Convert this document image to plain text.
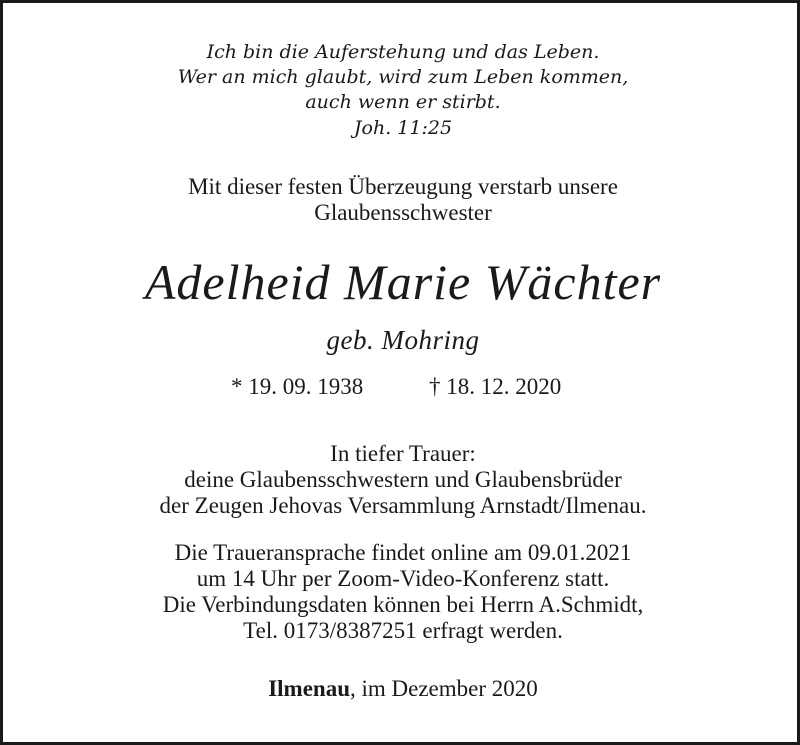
Ich bin die Auferstehung und das Leben.
Wer an mich glaubt, wird zum Leben kommen,
auch wenn er stirbt.
Joh. 11:25
Mit dieser festen Überzeugung verstarb unsere
Glaubensschwester
Adelheid Marie Wächter
geb. Mohring
* 19. 09. 1938	† 18. 12. 2020
In tiefer Trauer:
deine Glaubensschwestern und Glaubensbrüder
der Zeugen Jehovas Versammlung Arnstadt/Ilmenau.
Die Traueransprache findet online am 09.01.2021
um 14 Uhr per Zoom-Video-Konferenz statt.
Die Verbindungsdaten können bei Herrn A.Schmidt,
Tel. 0173/8387251 erfragt werden.
Ilmenau, im Dezember 2020
